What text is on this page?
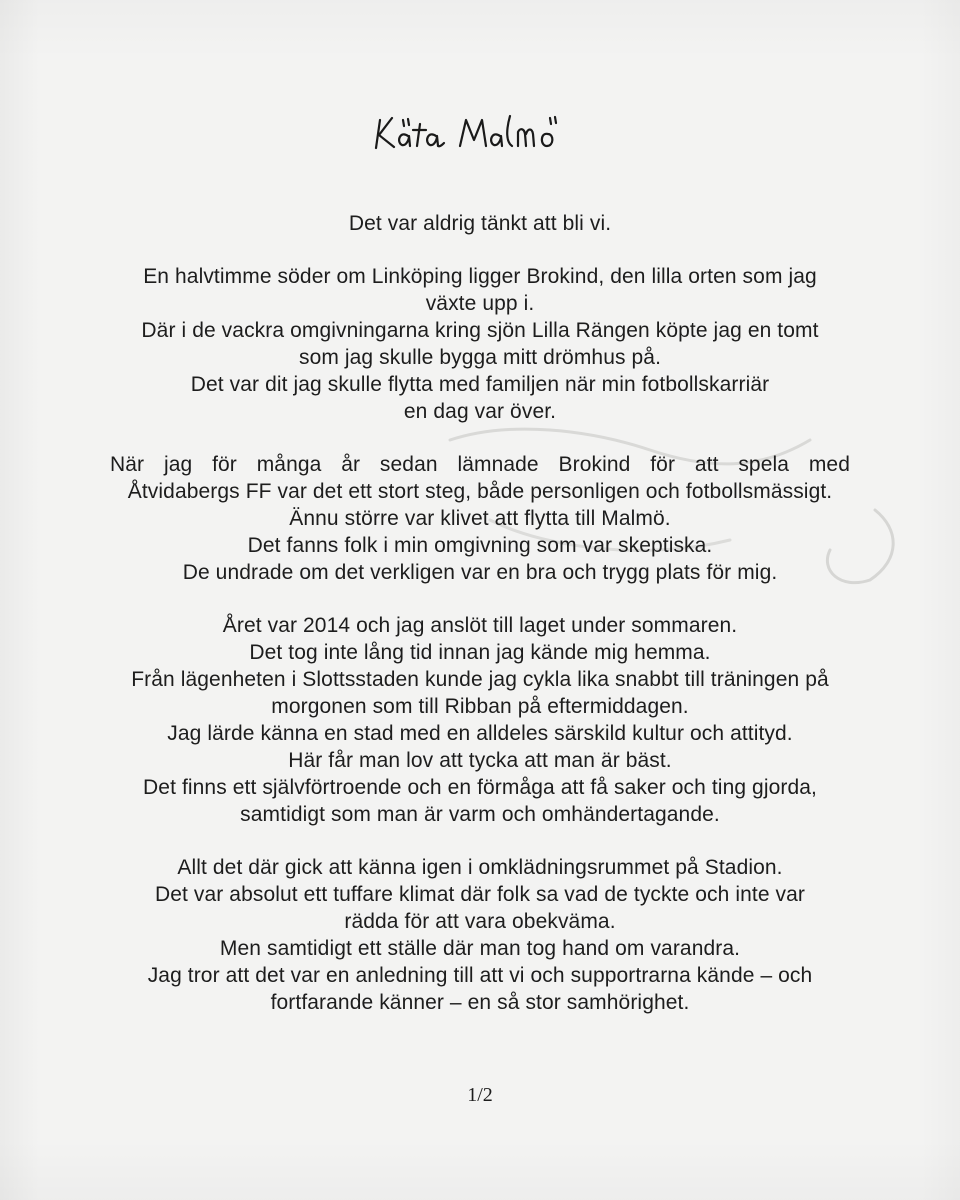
Det var aldrig tänkt att bli vi.
En halvtimme söder om Linköping ligger Brokind, den lilla orten som jag
växte upp i.
Där i de vackra omgivningarna kring sjön Lilla Rängen köpte jag en tomt
som jag skulle bygga mitt drömhus på.
Det var dit jag skulle flytta med familjen när min fotbollskarriär
en dag var över.
När jag för många år sedan lämnade Brokind för att spela med
Åtvidabergs FF var det ett stort steg, både personligen och fotbollsmässigt.
Ännu större var klivet att flytta till Malmö.
Det fanns folk i min omgivning som var skeptiska.
De undrade om det verkligen var en bra och trygg plats för mig.
Året var 2014 och jag anslöt till laget under sommaren.
Det tog inte lång tid innan jag kände mig hemma.
Från lägenheten i Slottsstaden kunde jag cykla lika snabbt till träningen på
morgonen som till Ribban på eftermiddagen.
Jag lärde känna en stad med en alldeles särskild kultur och attityd.
Här får man lov att tycka att man är bäst.
Det finns ett självförtroende och en förmåga att få saker och ting gjorda,
samtidigt som man är varm och omhändertagande.
Allt det där gick att känna igen i omklädningsrummet på Stadion.
Det var absolut ett tuffare klimat där folk sa vad de tyckte och inte var
rädda för att vara obekväma.
Men samtidigt ett ställe där man tog hand om varandra.
Jag tror att det var en anledning till att vi och supportrarna kände – och
fortfarande känner – en så stor samhörighet.
1/2
